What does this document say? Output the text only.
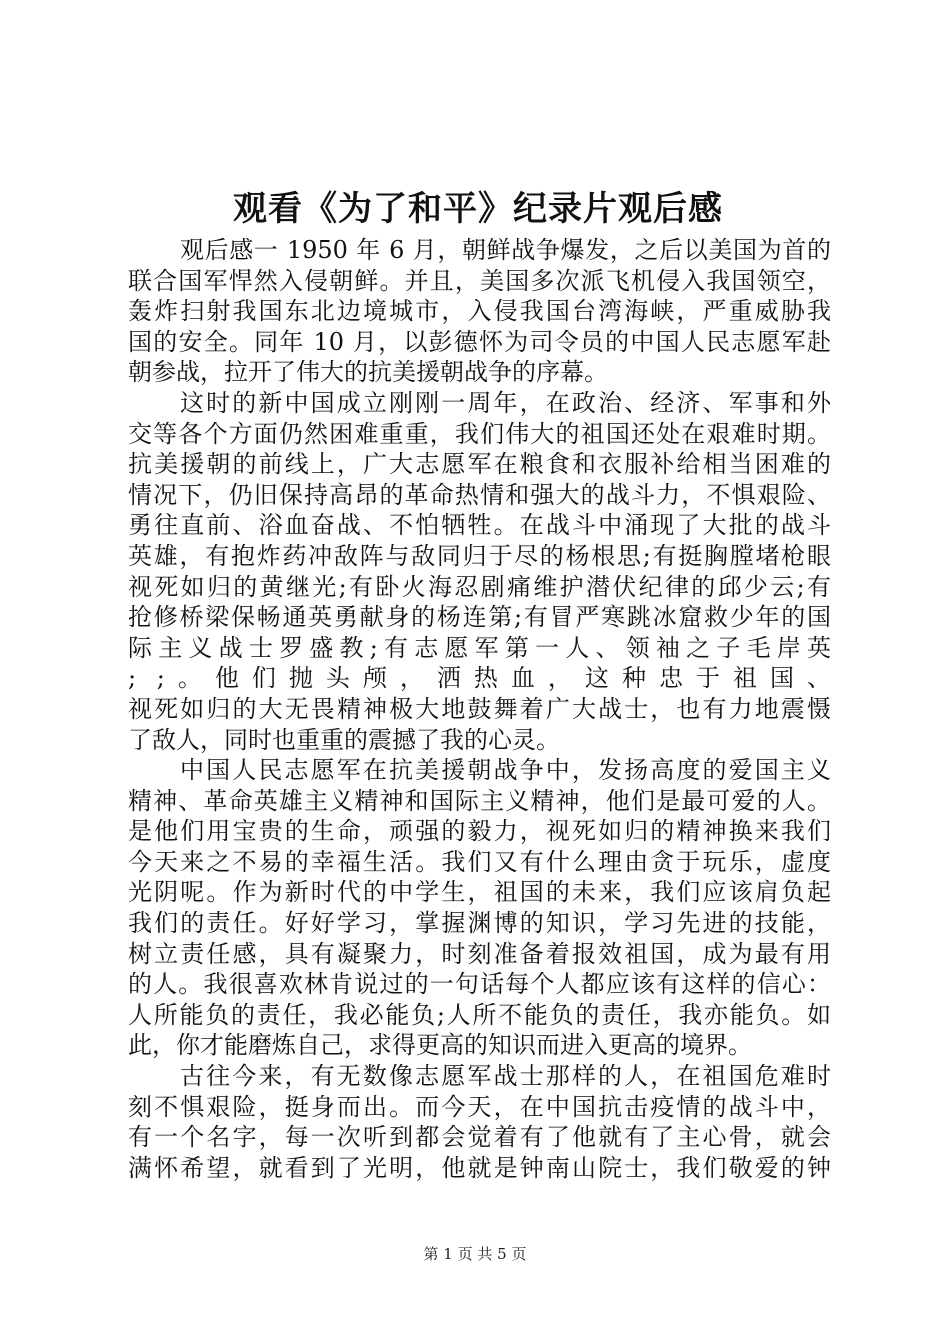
观看《为了和平》纪录片观后感
观后感一 1950 年 6 月，朝鲜战争爆发，之后以美国为首的
联合国军悍然入侵朝鲜。并且，美国多次派飞机侵入我国领空，
轰炸扫射我国东北边境城市，入侵我国台湾海峡，严重威胁我
国的安全。同年 10 月，以彭德怀为司令员的中国人民志愿军赴
朝参战，拉开了伟大的抗美援朝战争的序幕。
这时的新中国成立刚刚一周年，在政治、经济、军事和外
交等各个方面仍然困难重重，我们伟大的祖国还处在艰难时期。
抗美援朝的前线上，广大志愿军在粮食和衣服补给相当困难的
情况下，仍旧保持高昂的革命热情和强大的战斗力，不惧艰险、
勇往直前、浴血奋战、不怕牺牲。在战斗中涌现了大批的战斗
英雄，有抱炸药冲敌阵与敌同归于尽的杨根思;有挺胸膛堵枪眼
视死如归的黄继光;有卧火海忍剧痛维护潜伏纪律的邱少云;有
抢修桥梁保畅通英勇献身的杨连第;有冒严寒跳冰窟救少年的国
际主义战士罗盛教;有志愿军第一人、领袖之子毛岸英
; ;。他们抛头颅，洒热血，这种忠于祖国、
视死如归的大无畏精神极大地鼓舞着广大战士，也有力地震慑
了敌人，同时也重重的震撼了我的心灵。
中国人民志愿军在抗美援朝战争中，发扬高度的爱国主义
精神、革命英雄主义精神和国际主义精神，他们是最可爱的人。
是他们用宝贵的生命，顽强的毅力，视死如归的精神换来我们
今天来之不易的幸福生活。我们又有什么理由贪于玩乐，虚度
光阴呢。作为新时代的中学生，祖国的未来，我们应该肩负起
我们的责任。好好学习，掌握渊博的知识，学习先进的技能，
树立责任感，具有凝聚力，时刻准备着报效祖国，成为最有用
的人。我很喜欢林肯说过的一句话每个人都应该有这样的信心：
人所能负的责任，我必能负;人所不能负的责任，我亦能负。如
此，你才能磨炼自己，求得更高的知识而进入更高的境界。
古往今来，有无数像志愿军战士那样的人，在祖国危难时
刻不惧艰险，挺身而出。而今天，在中国抗击疫情的战斗中，
有一个名字，每一次听到都会觉着有了他就有了主心骨，就会
满怀希望，就看到了光明，他就是钟南山院士，我们敬爱的钟
第 1 页 共 5 页
